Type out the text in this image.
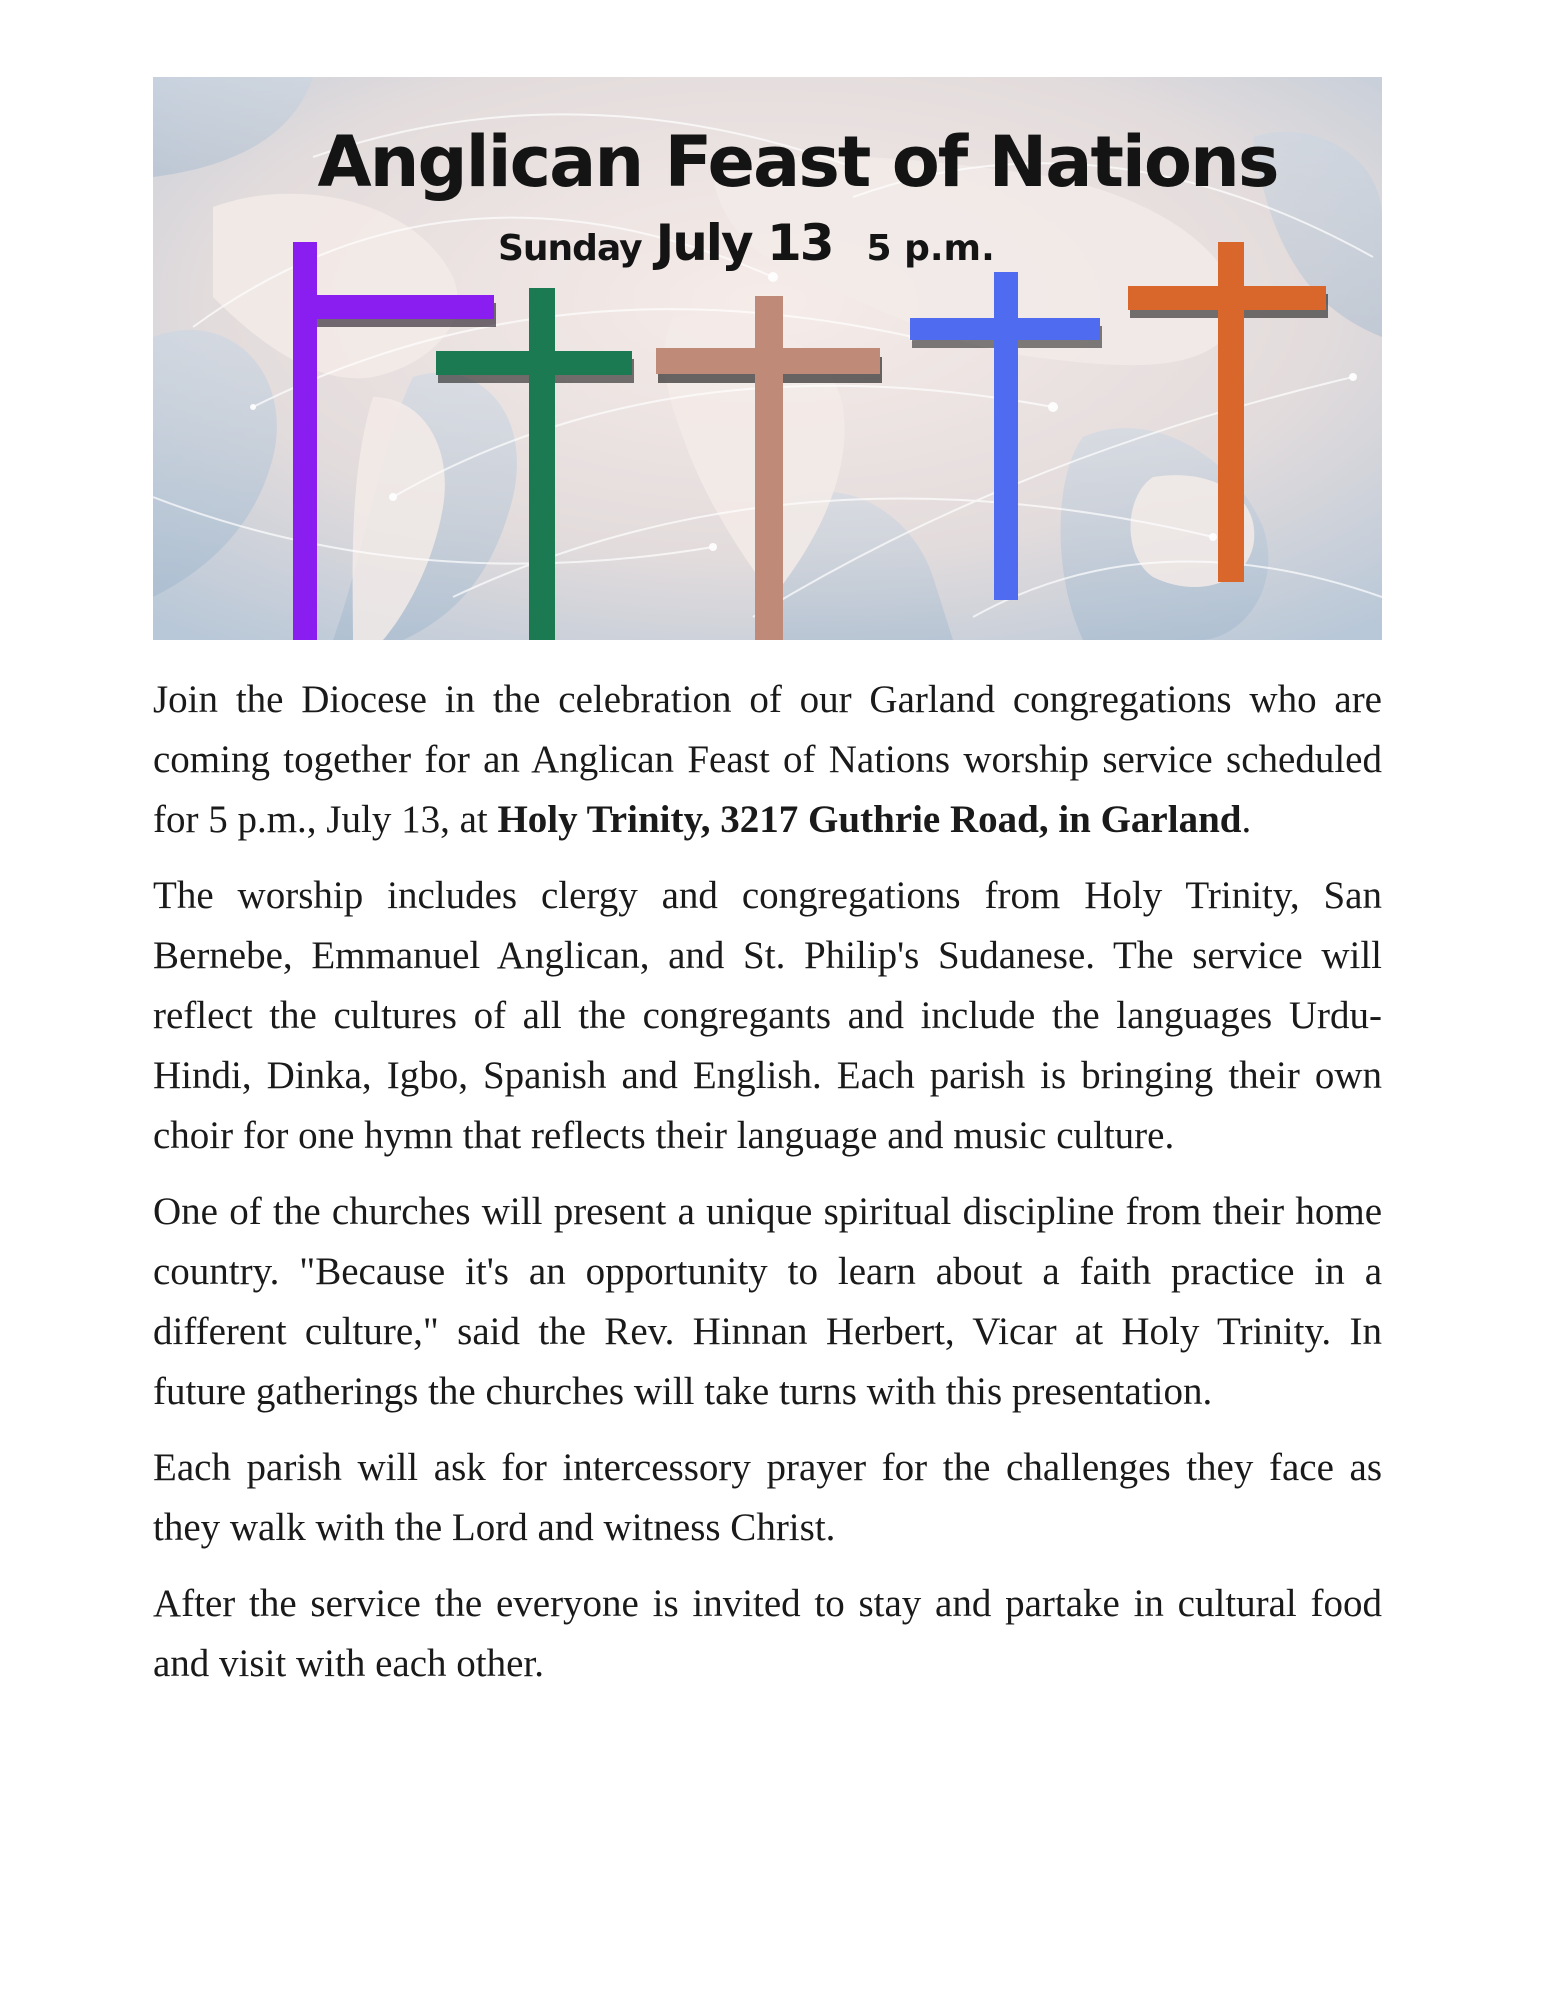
Anglican Feast of Nations
Sunday July 13 5 p.m.

Join the Diocese in the celebration of our Garland congregations who are coming together for an Anglican Feast of Nations worship service scheduled for 5 p.m., July 13, at Holy Trinity, 3217 Guthrie Road, in Garland.

The worship includes clergy and congregations from Holy Trinity, San Bernebe, Emmanuel Anglican, and St. Philip's Sudanese. The service will reflect the cultures of all the congregants and include the languages Urdu-Hindi, Dinka, Igbo, Spanish and English. Each parish is bringing their own choir for one hymn that reflects their language and music culture.

One of the churches will present a unique spiritual discipline from their home country. "Because it's an opportunity to learn about a faith practice in a different culture," said the Rev. Hinnan Herbert, Vicar at Holy Trinity. In future gatherings the churches will take turns with this presentation.

Each parish will ask for intercessory prayer for the challenges they face as they walk with the Lord and witness Christ.

After the service the everyone is invited to stay and partake in cultural food and visit with each other.
